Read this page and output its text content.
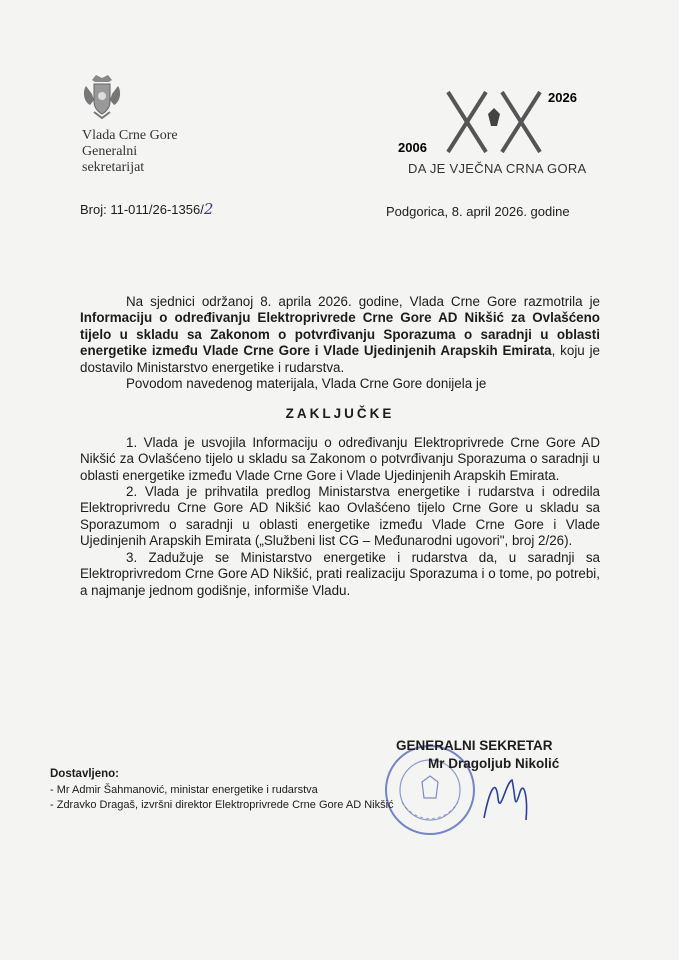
Vlada Crne Gore
Generalni
sekretarijat
2026
2006
DA JE VJEČNA CRNA GORA
Broj: 11-011/26-1356/2	Podgorica, 8. april 2026. godine

Na sjednici održanoj 8. aprila 2026. godine, Vlada Crne Gore razmotrila je Informaciju o određivanju Elektroprivrede Crne Gore AD Nikšić za Ovlašćeno tijelo u skladu sa Zakonom o potvrđivanju Sporazuma o saradnji u oblasti energetike između Vlade Crne Gore i Vlade Ujedinjenih Arapskih Emirata, koju je dostavilo Ministarstvo energetike i rudarstva.

Povodom navedenog materijala, Vlada Crne Gore donijela je

ZAKLJUČKE

1. Vlada je usvojila Informaciju o određivanju Elektroprivrede Crne Gore AD Nikšić za Ovlašćeno tijelo u skladu sa Zakonom o potvrđivanju Sporazuma o saradnji u oblasti energetike između Vlade Crne Gore i Vlade Ujedinjenih Arapskih Emirata.

2. Vlada je prihvatila predlog Ministarstva energetike i rudarstva i odredila Elektroprivredu Crne Gore AD Nikšić kao Ovlašćeno tijelo Crne Gore u skladu sa Sporazumom o saradnji u oblasti energetike između Vlade Crne Gore i Vlade Ujedinjenih Arapskih Emirata („Službeni list CG – Međunarodni ugovori", broj 2/26).

3. Zadužuje se Ministarstvo energetike i rudarstva da, u saradnji sa Elektroprivredom Crne Gore AD Nikšić, prati realizaciju Sporazuma i o tome, po potrebi, a najmanje jednom godišnje, informiše Vladu.

GENERALNI SEKRETAR
Mr Dragoljub Nikolić
Dostavljeno:
- Mr Admir Šahmanović, ministar energetike i rudarstva
- Zdravko Dragaš, izvršni direktor Elektroprivrede Crne Gore AD Nikšić
